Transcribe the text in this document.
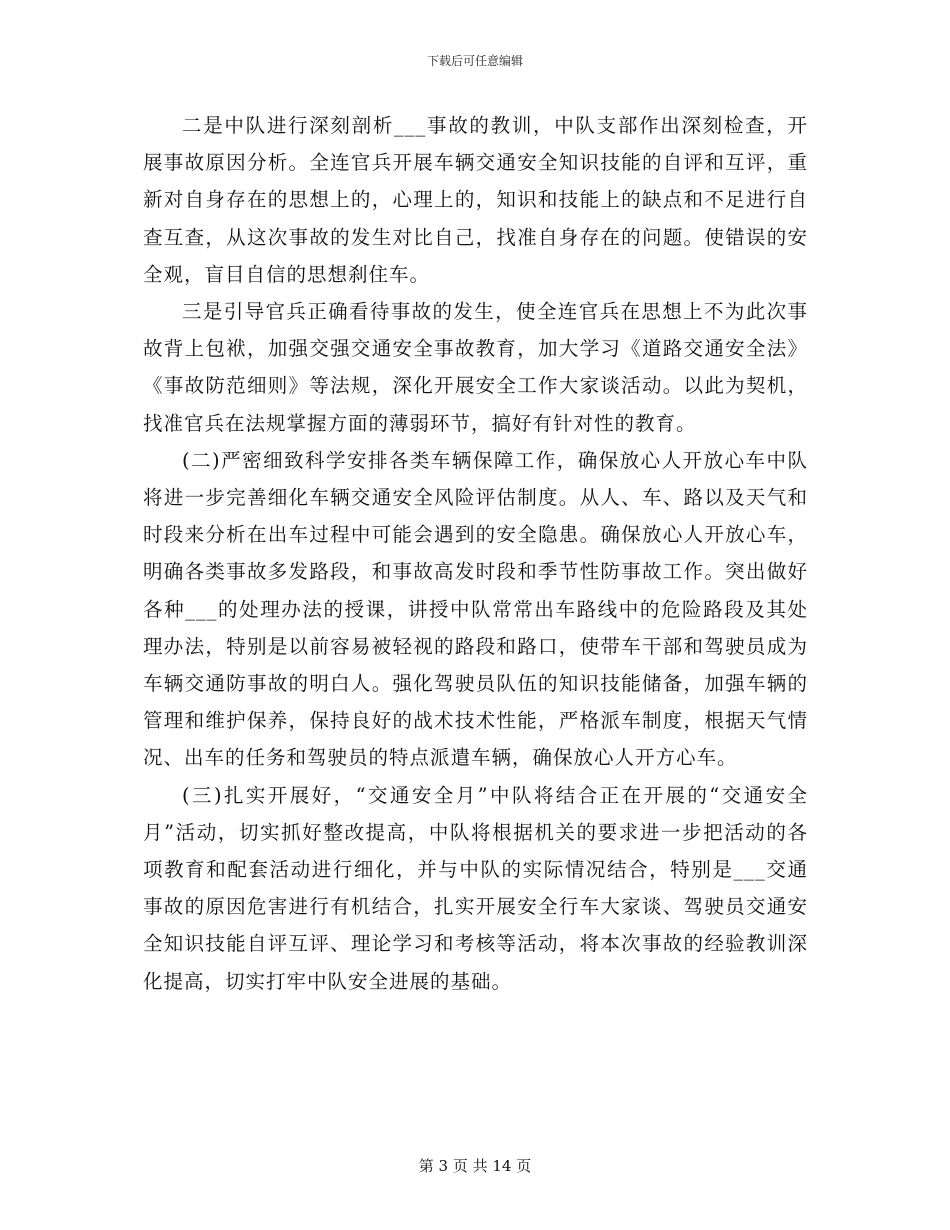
下载后可任意编辑

二是中队进行深刻剖析___事故的教训，中队支部作出深刻检查，开展事故原因分析。全连官兵开展车辆交通安全知识技能的自评和互评，重新对自身存在的思想上的，心理上的，知识和技能上的缺点和不足进行自查互查，从这次事故的发生对比自己，找准自身存在的问题。使错误的安全观，盲目自信的思想刹住车。

三是引导官兵正确看待事故的发生，使全连官兵在思想上不为此次事故背上包袱，加强交强交通安全事故教育，加大学习《道路交通安全法》《事故防范细则》等法规，深化开展安全工作大家谈活动。以此为契机，找准官兵在法规掌握方面的薄弱环节，搞好有针对性的教育。

(二)严密细致科学安排各类车辆保障工作，确保放心人开放心车中队将进一步完善细化车辆交通安全风险评估制度。从人、车、路以及天气和时段来分析在出车过程中可能会遇到的安全隐患。确保放心人开放心车，明确各类事故多发路段，和事故高发时段和季节性防事故工作。突出做好各种___的处理办法的授课，讲授中队常常出车路线中的危险路段及其处理办法，特别是以前容易被轻视的路段和路口，使带车干部和驾驶员成为车辆交通防事故的明白人。强化驾驶员队伍的知识技能储备，加强车辆的管理和维护保养，保持良好的战术技术性能，严格派车制度，根据天气情况、出车的任务和驾驶员的特点派遣车辆，确保放心人开方心车。

(三)扎实开展好，“交通安全月”中队将结合正在开展的“交通安全月”活动，切实抓好整改提高，中队将根据机关的要求进一步把活动的各项教育和配套活动进行细化，并与中队的实际情况结合，特别是___交通事故的原因危害进行有机结合，扎实开展安全行车大家谈、驾驶员交通安全知识技能自评互评、理论学习和考核等活动，将本次事故的经验教训深化提高，切实打牢中队安全进展的基础。

第 3 页 共 14 页
